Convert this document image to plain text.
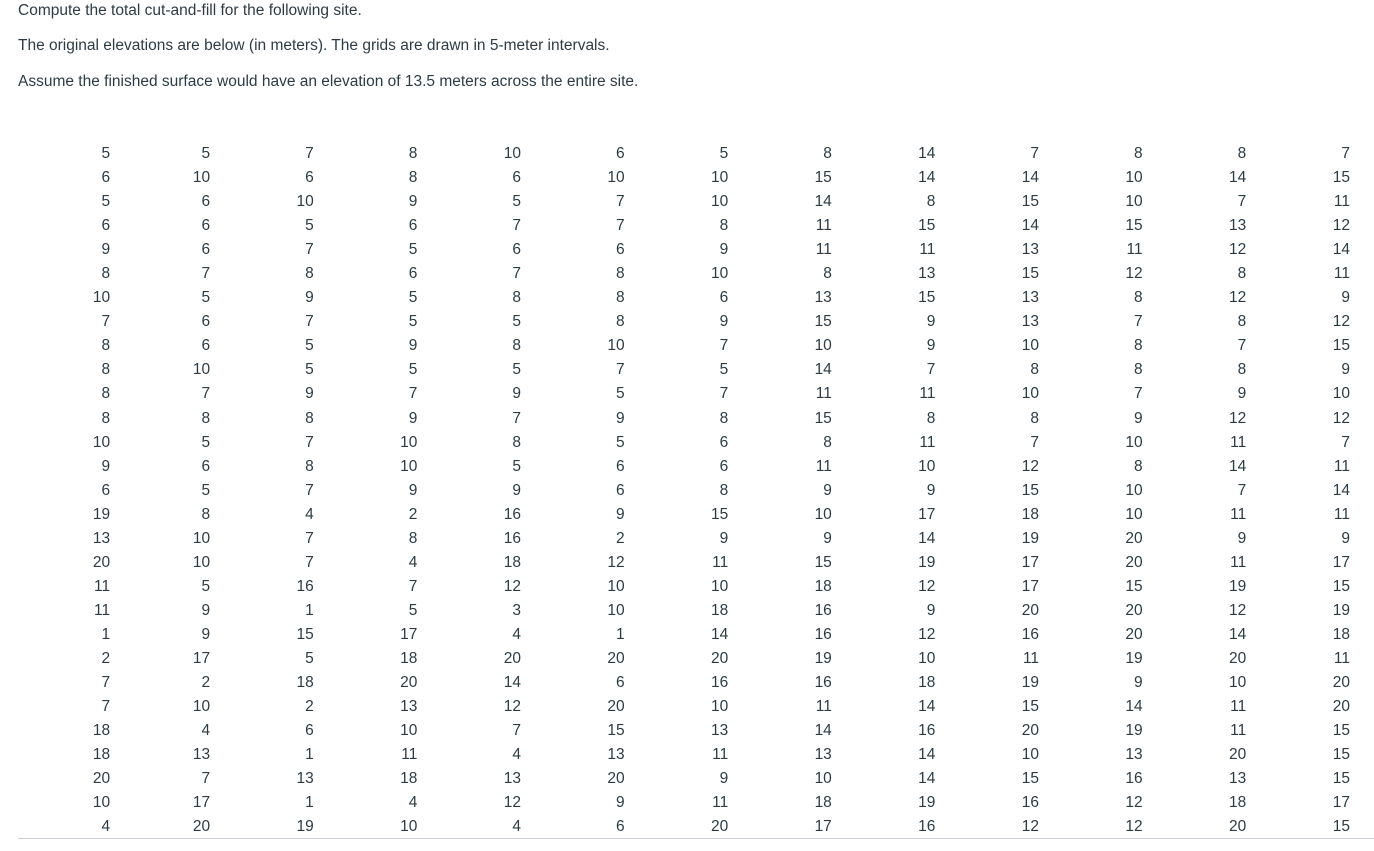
Compute the total cut-and-fill for the following site.

The original elevations are below (in meters). The grids are drawn in 5-meter intervals.

Assume the finished surface would have an elevation of 13.5 meters across the entire site.

5	5	7	8	10	6	5	8	14	7	8	8	7
6	10	6	8	6	10	10	15	14	14	10	14	15
5	6	10	9	5	7	10	14	8	15	10	7	11
6	6	5	6	7	7	8	11	15	14	15	13	12
9	6	7	5	6	6	9	11	11	13	11	12	14
8	7	8	6	7	8	10	8	13	15	12	8	11
10	5	9	5	8	8	6	13	15	13	8	12	9
7	6	7	5	5	8	9	15	9	13	7	8	12
8	6	5	9	8	10	7	10	9	10	8	7	15
8	10	5	5	5	7	5	14	7	8	8	8	9
8	7	9	7	9	5	7	11	11	10	7	9	10
8	8	8	9	7	9	8	15	8	8	9	12	12
10	5	7	10	8	5	6	8	11	7	10	11	7
9	6	8	10	5	6	6	11	10	12	8	14	11
6	5	7	9	9	6	8	9	9	15	10	7	14
19	8	4	2	16	9	15	10	17	18	10	11	11
13	10	7	8	16	2	9	9	14	19	20	9	9
20	10	7	4	18	12	11	15	19	17	20	11	17
11	5	16	7	12	10	10	18	12	17	15	19	15
11	9	1	5	3	10	18	16	9	20	20	12	19
1	9	15	17	4	1	14	16	12	16	20	14	18
2	17	5	18	20	20	20	19	10	11	19	20	11
7	2	18	20	14	6	16	16	18	19	9	10	20
7	10	2	13	12	20	10	11	14	15	14	11	20
18	4	6	10	7	15	13	14	16	20	19	11	15
18	13	1	11	4	13	11	13	14	10	13	20	15
20	7	13	18	13	20	9	10	14	15	16	13	15
10	17	1	4	12	9	11	18	19	16	12	18	17
4	20	19	10	4	6	20	17	16	12	12	20	15
